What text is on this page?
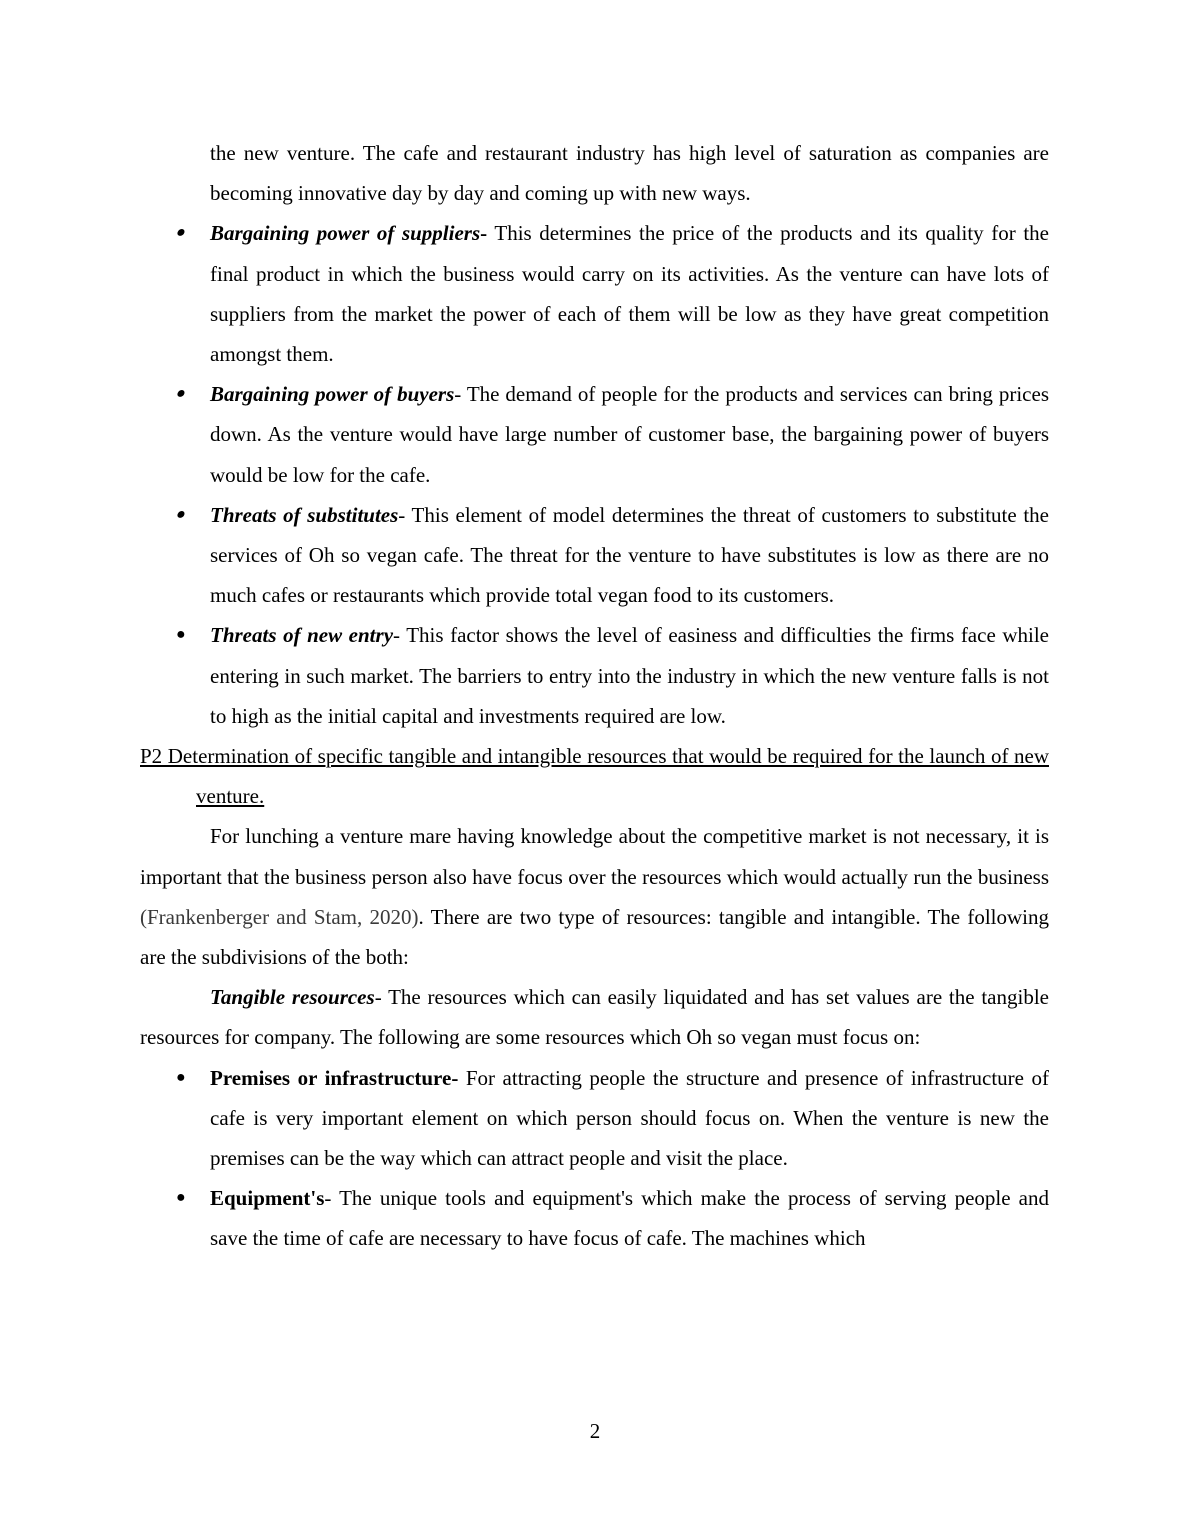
the new venture. The cafe and restaurant industry has high level of saturation as companies are becoming innovative day by day and coming up with new ways.

● Bargaining power of suppliers- This determines the price of the products and its quality for the final product in which the business would carry on its activities. As the venture can have lots of suppliers from the market the power of each of them will be low as they have great competition amongst them.
● Bargaining power of buyers- The demand of people for the products and services can bring prices down. As the venture would have large number of customer base, the bargaining power of buyers would be low for the cafe.
● Threats of substitutes- This element of model determines the threat of customers to substitute the services of Oh so vegan cafe. The threat for the venture to have substitutes is low as there are no much cafes or restaurants which provide total vegan food to its customers.
● Threats of new entry- This factor shows the level of easiness and difficulties the firms face while entering in such market. The barriers to entry into the industry in which the new venture falls is not to high as the initial capital and investments required are low.

P2 Determination of specific tangible and intangible resources that would be required for the launch of new venture.

For lunching a venture mare having knowledge about the competitive market is not necessary, it is important that the business person also have focus over the resources which would actually run the business (Frankenberger and Stam, 2020). There are two type of resources: tangible and intangible. The following are the subdivisions of the both:

Tangible resources- The resources which can easily liquidated and has set values are the tangible resources for company. The following are some resources which Oh so vegan must focus on:

● Premises or infrastructure- For attracting people the structure and presence of infrastructure of cafe is very important element on which person should focus on. When the venture is new the premises can be the way which can attract people and visit the place.
● Equipment's- The unique tools and equipment's which make the process of serving people and save the time of cafe are necessary to have focus of cafe. The machines which
2
